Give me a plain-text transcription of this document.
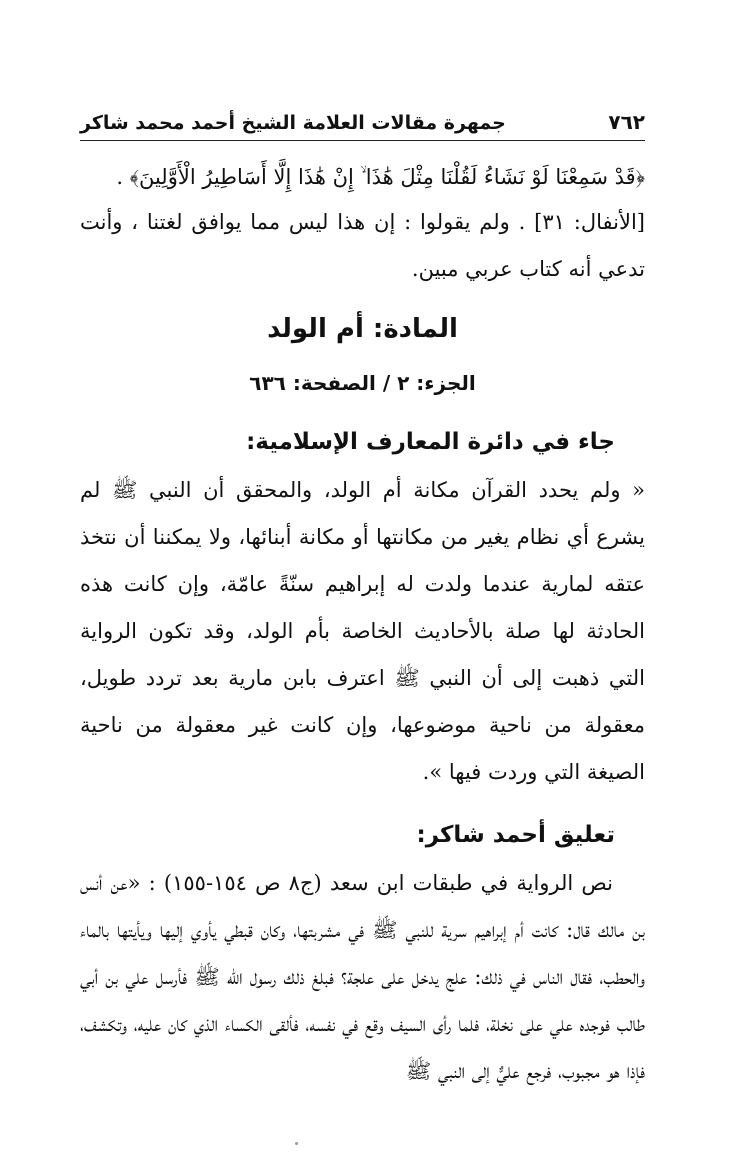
٧٦٢
جمهرة مقالات العلامة الشيخ أحمد محمد شاكر

﴿قَدْ سَمِعْنَا لَوْ نَشَاءُ لَقُلْنَا مِثْلَ هَٰذَا ۙ إِنْ هَٰذَا إِلَّا أَسَاطِيرُ الْأَوَّلِينَ﴾ .

[الأنفال: ٣١] . ولم يقولوا : إن هذا ليس مما يوافق لغتنا ، وأنت تدعي أنه كتاب عربي مبين.

المادة: أم الولد
الجزء: ٢ / الصفحة: ٦٣٦
جاء في دائرة المعارف الإسلامية:

« ولم يحدد القرآن مكانة أم الولد، والمحقق أن النبي ﷺ لم يشرع أي نظام يغير من مكانتها أو مكانة أبنائها، ولا يمكننا أن نتخذ عتقه لمارية عندما ولدت له إبراهيم سنّةً عامّة، وإن كانت هذه الحادثة لها صلة بالأحاديث الخاصة بأم الولد، وقد تكون الرواية التي ذهبت إلى أن النبي ﷺ اعترف بابن مارية بعد تردد طويل، معقولة من ناحية موضوعها، وإن كانت غير معقولة من ناحية الصيغة التي وردت فيها ».

تعليق أحمد شاكر:

نص الرواية في طبقات ابن سعد (ج٨ ص ١٥٤-١٥٥) : «عن أنس بن مالك قال: كانت أم إبراهيم سرية للنبي ﷺ في مشربتها، وكان قبطي يأوي إليها ويأيتها بالماء والحطب، فقال الناس في ذلك: علج يدخل على علجة؟ فبلغ ذلك رسول الله ﷺ فأرسل علي بن أبي طالب فوجده علي على نخلة، فلما رأى السيف وقع في نفسه، فألقى الكساء الذي كان عليه، وتكشف، فإذا هو مجبوب، فرجع عليٌّ إلى النبي ﷺ
